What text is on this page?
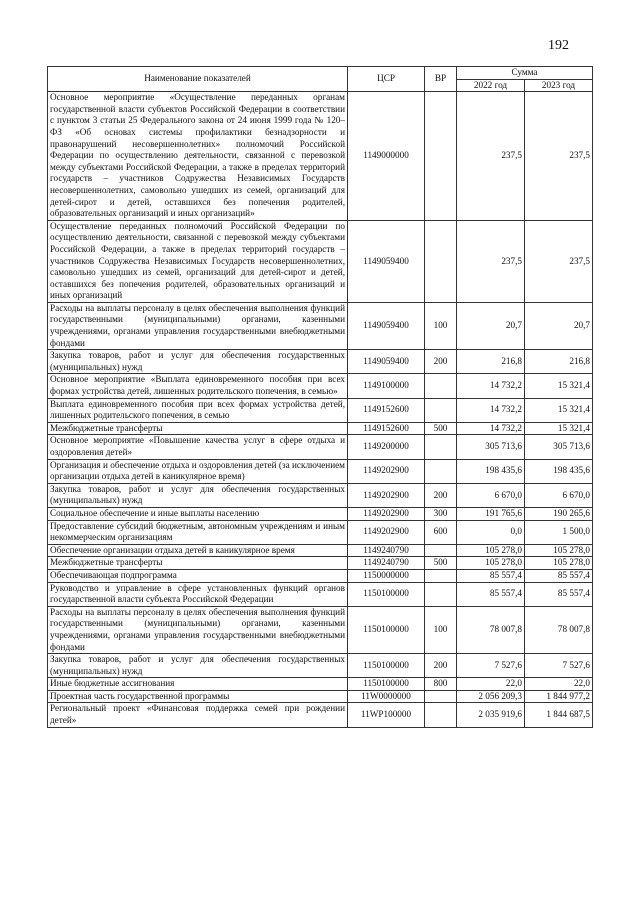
192
Наименование показателей	ЦСР	ВР	Сумма	
			2022 год	2023 год
Основное мероприятие «Осуществление переданных органам государственной власти субъектов Российской Федерации в соответствии с пунктом 3 статьи 25 Федерального закона от 24 июня 1999 года № 120–ФЗ «Об основах системы профилактики безнадзорности и правонарушений несовершеннолетних» полномочий Российской Федерации по осуществлению деятельности, связанной с перевозкой между субъектами Российской Федерации, а также в пределах территорий государств – участников Содружества Независимых Государств несовершеннолетних, самовольно ушедших из семей, организаций для детей-сирот и детей, оставшихся без попечения родителей, образовательных организаций и иных организаций»	1149000000		237,5	237,5
Осуществление переданных полномочий Российской Федерации по осуществлению деятельности, связанной с перевозкой между субъектами Российской Федерации, а также в пределах территорий государств – участников Содружества Независимых Государств несовершеннолетних, самовольно ушедших из семей, организаций для детей-сирот и детей, оставшихся без попечения родителей, образовательных организаций и иных организаций	1149059400		237,5	237,5
Расходы на выплаты персоналу в целях обеспечения выполнения функций государственными (муниципальными) органами, казенными учреждениями, органами управления государственными внебюджетными фондами	1149059400	100	20,7	20,7
Закупка товаров, работ и услуг для обеспечения государственных (муниципальных) нужд	1149059400	200	216,8	216,8
Основное мероприятие «Выплата единовременного пособия при всех формах устройства детей, лишенных родительского попечения, в семью»	1149100000		14 732,2	15 321,4
Выплата единовременного пособия при всех формах устройства детей, лишенных родительского попечения, в семью	1149152600		14 732,2	15 321,4
Межбюджетные трансферты	1149152600	500	14 732,2	15 321,4
Основное мероприятие «Повышение качества услуг в сфере отдыха и оздоровления детей»	1149200000		305 713,6	305 713,6
Организация и обеспечение отдыха и оздоровления детей (за исключением организации отдыха детей в каникулярное время)	1149202900		198 435,6	198 435,6
Закупка товаров, работ и услуг для обеспечения государственных (муниципальных) нужд	1149202900	200	6 670,0	6 670,0
Социальное обеспечение и иные выплаты населению	1149202900	300	191 765,6	190 265,6
Предоставление субсидий бюджетным, автономным учреждениям и иным некоммерческим организациям	1149202900	600	0,0	1 500,0
Обеспечение организации отдыха детей в каникулярное время	1149240790		105 278,0	105 278,0
Межбюджетные трансферты	1149240790	500	105 278,0	105 278,0
Обеспечивающая подпрограмма	1150000000		85 557,4	85 557,4
Руководство и управление в сфере установленных функций органов государственной власти субъекта Российской Федерации	1150100000		85 557,4	85 557,4
Расходы на выплаты персоналу в целях обеспечения выполнения функций государственными (муниципальными) органами, казенными учреждениями, органами управления государственными внебюджетными фондами	1150100000	100	78 007,8	78 007,8
Закупка товаров, работ и услуг для обеспечения государственных (муниципальных) нужд	1150100000	200	7 527,6	7 527,6
Иные бюджетные ассигнования	1150100000	800	22,0	22,0
Проектная часть государственной программы	11W0000000		2 056 209,3	1 844 977,2
Региональный проект «Финансовая поддержка семей при рождении детей»	11WP100000		2 035 919,6	1 844 687,5
